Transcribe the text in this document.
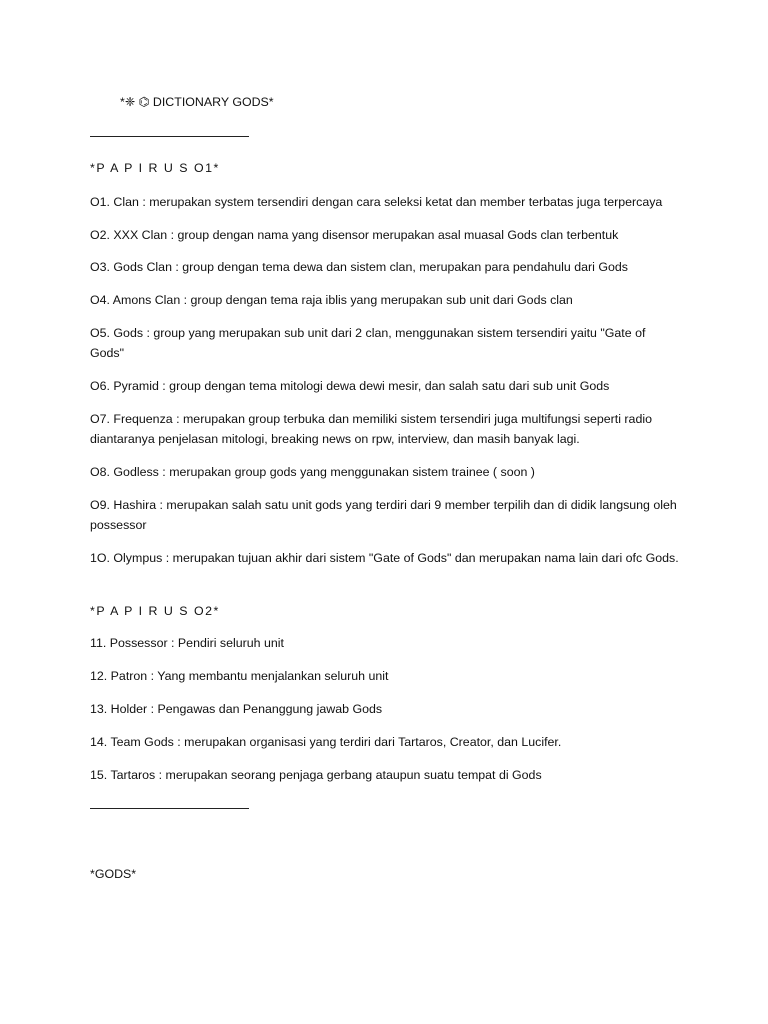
*❈ ⌬ DICTIONARY GODS*
*P A P I R U S O1*
O1. Clan : merupakan system tersendiri dengan cara seleksi ketat dan member terbatas juga terpercaya
O2. XXX Clan : group dengan nama yang disensor merupakan asal muasal Gods clan terbentuk
O3. Gods Clan : group dengan tema dewa dan sistem clan, merupakan para pendahulu dari Gods
O4. Amons Clan : group dengan tema raja iblis yang merupakan sub unit dari Gods clan
O5. Gods : group yang merupakan sub unit dari 2 clan, menggunakan sistem tersendiri yaitu "Gate of Gods"
O6. Pyramid : group dengan tema mitologi dewa dewi mesir, dan salah satu dari sub unit Gods
O7. Frequenza : merupakan group terbuka dan memiliki sistem tersendiri juga multifungsi seperti radio diantaranya penjelasan mitologi, breaking news on rpw, interview, dan masih banyak lagi.
O8. Godless : merupakan group gods yang menggunakan sistem trainee ( soon )
O9. Hashira : merupakan salah satu unit gods yang terdiri dari 9 member terpilih dan di didik langsung oleh possessor
1O. Olympus : merupakan tujuan akhir dari sistem "Gate of Gods" dan merupakan nama lain dari ofc Gods.
*P A P I R U S O2*
11. Possessor : Pendiri seluruh unit
12. Patron : Yang membantu menjalankan seluruh unit
13. Holder : Pengawas dan Penanggung jawab Gods
14. Team Gods : merupakan organisasi yang terdiri dari Tartaros, Creator, dan Lucifer.
15. Tartaros : merupakan seorang penjaga gerbang ataupun suatu tempat di Gods
*GODS*
